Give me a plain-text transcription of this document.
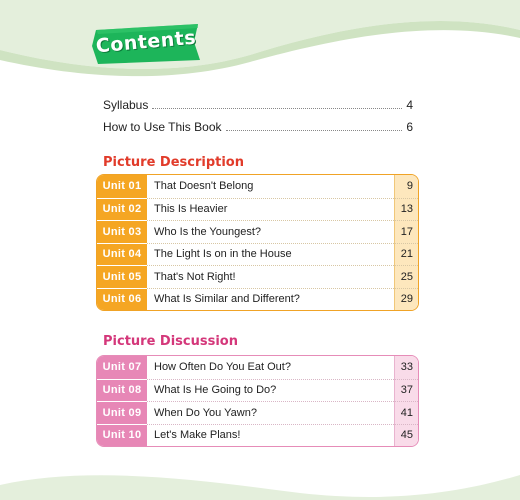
Contents
Syllabus	4
How to Use This Book	6
Picture Description
Unit 01	That Doesn't Belong	9
Unit 02	This Is Heavier	13
Unit 03	Who Is the Youngest?	17
Unit 04	The Light Is on in the House	21
Unit 05	That's Not Right!	25
Unit 06	What Is Similar and Different?	29
Picture Discussion
Unit 07	How Often Do You Eat Out?	33
Unit 08	What Is He Going to Do?	37
Unit 09	When Do You Yawn?	41
Unit 10	Let's Make Plans!	45
